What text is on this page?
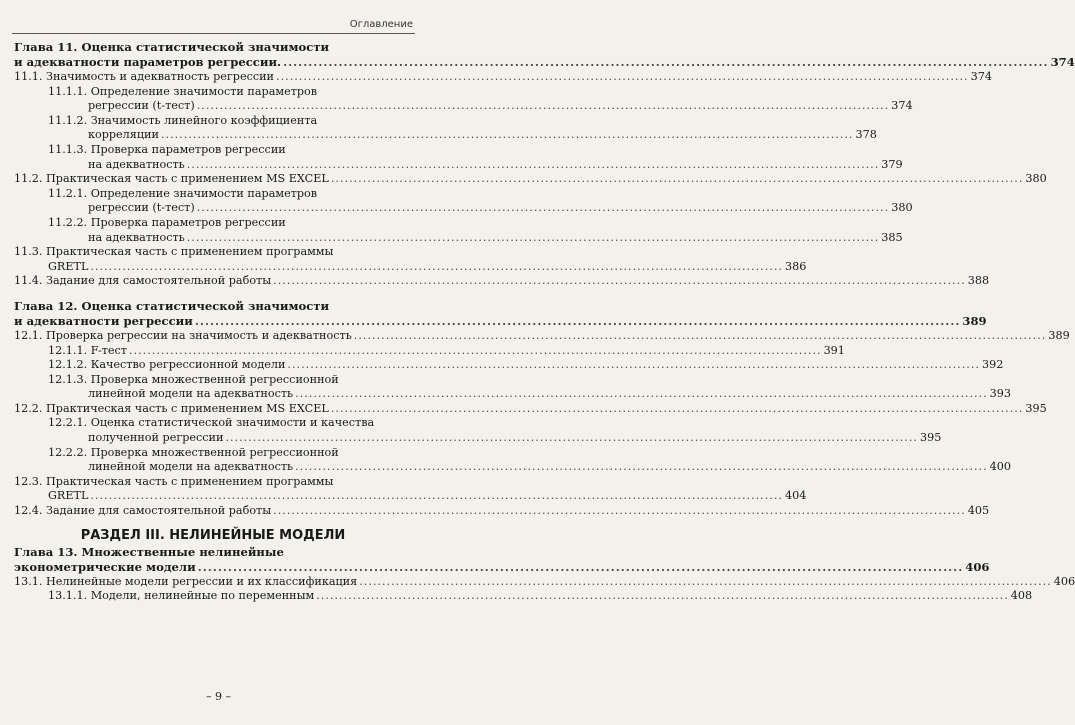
Оглавление
Глава 11. Оценка статистической значимости
и адекватности параметров регрессии. .....	374
11.1. Значимость и адекватность регрессии .....	374
11.1.1. Определение значимости параметров
регрессии (t-тест) .....	374
11.1.2. Значимость линейного коэффициента
корреляции .....	378
11.1.3. Проверка параметров регрессии
на адекватность .....	379
11.2. Практическая часть с применением MS EXCEL .....	380
11.2.1. Определение значимости параметров
регрессии (t-тест) .....	380
11.2.2. Проверка параметров регрессии
на адекватность .....	385
11.3. Практическая часть с применением программы
GRETL .....	386
11.4. Задание для самостоятельной работы .....	388
Глава 12. Оценка статистической значимости
и адекватности регрессии .....	389
12.1. Проверка регрессии на значимость и адекватность .....	389
12.1.1. F-тест .....	391
12.1.2. Качество регрессионной модели .....	392
12.1.3. Проверка множественной регрессионной
линейной модели на адекватность .....	393
12.2. Практическая часть с применением MS EXCEL .....	395
12.2.1. Оценка статистической значимости и качества
полученной регрессии .....	395
12.2.2. Проверка множественной регрессионной
линейной модели на адекватность .....	400
12.3. Практическая часть с применением программы
GRETL .....	404
12.4. Задание для самостоятельной работы .....	405
РАЗДЕЛ III. НЕЛИНЕЙНЫЕ МОДЕЛИ
Глава 13. Множественные нелинейные
эконометрические модели .....	406
13.1. Нелинейные модели регрессии и их классификация .....	406
13.1.1. Модели, нелинейные по переменным .....	408
– 9 –
